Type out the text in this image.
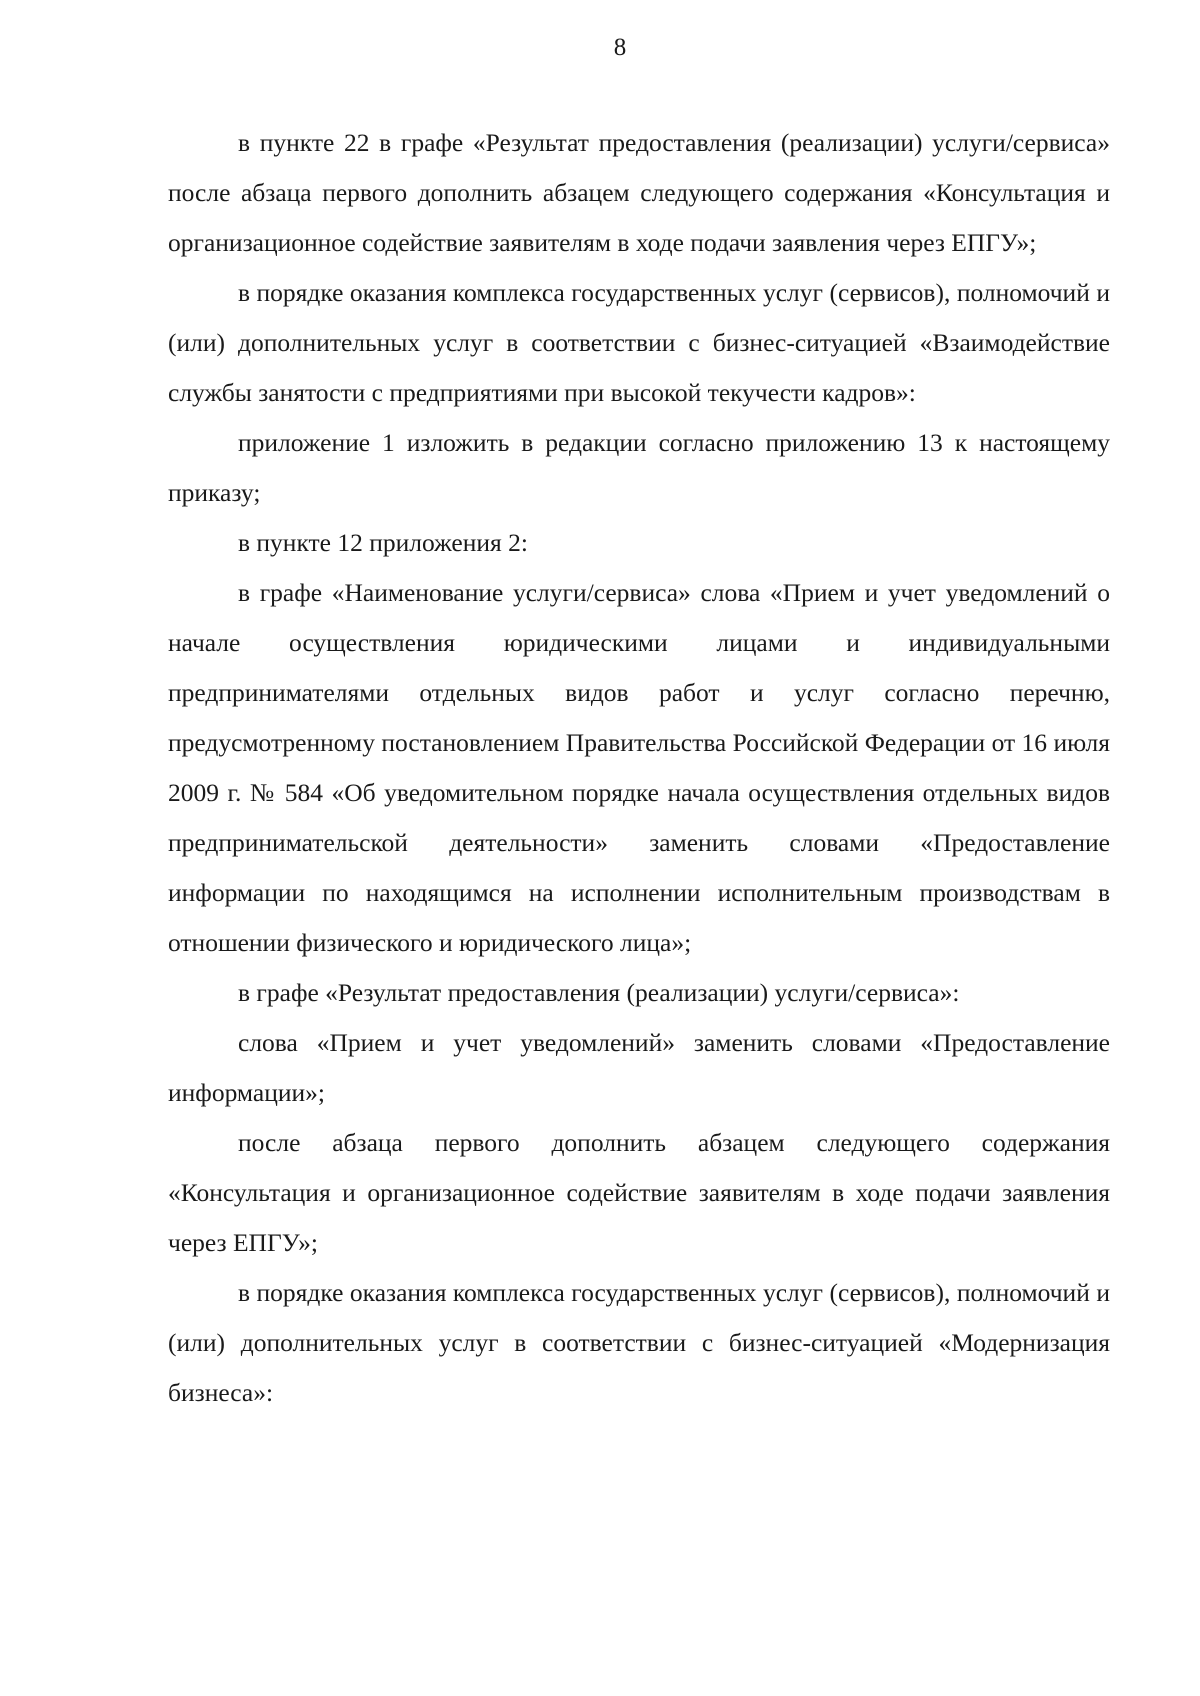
8

в пункте 22 в графе «Результат предоставления (реализации) услуги/сервиса» после абзаца первого дополнить абзацем следующего содержания «Консультация и организационное содействие заявителям в ходе подачи заявления через ЕПГУ»;

в порядке оказания комплекса государственных услуг (сервисов), полномочий и (или) дополнительных услуг в соответствии с бизнес-ситуацией «Взаимодействие службы занятости с предприятиями при высокой текучести кадров»:

приложение 1 изложить в редакции согласно приложению 13 к настоящему приказу;

в пункте 12 приложения 2:

в графе «Наименование услуги/сервиса» слова «Прием и учет уведомлений о начале осуществления юридическими лицами и индивидуальными предпринимателями отдельных видов работ и услуг согласно перечню, предусмотренному постановлением Правительства Российской Федерации от 16 июля 2009 г. № 584 «Об уведомительном порядке начала осуществления отдельных видов предпринимательской деятельности» заменить словами «Предоставление информации по находящимся на исполнении исполнительным производствам в отношении физического и юридического лица»;

в графе «Результат предоставления (реализации) услуги/сервиса»:

слова «Прием и учет уведомлений» заменить словами «Предоставление информации»;

после абзаца первого дополнить абзацем следующего содержания «Консультация и организационное содействие заявителям в ходе подачи заявления через ЕПГУ»;

в порядке оказания комплекса государственных услуг (сервисов), полномочий и (или) дополнительных услуг в соответствии с бизнес-ситуацией «Модернизация бизнеса»:
